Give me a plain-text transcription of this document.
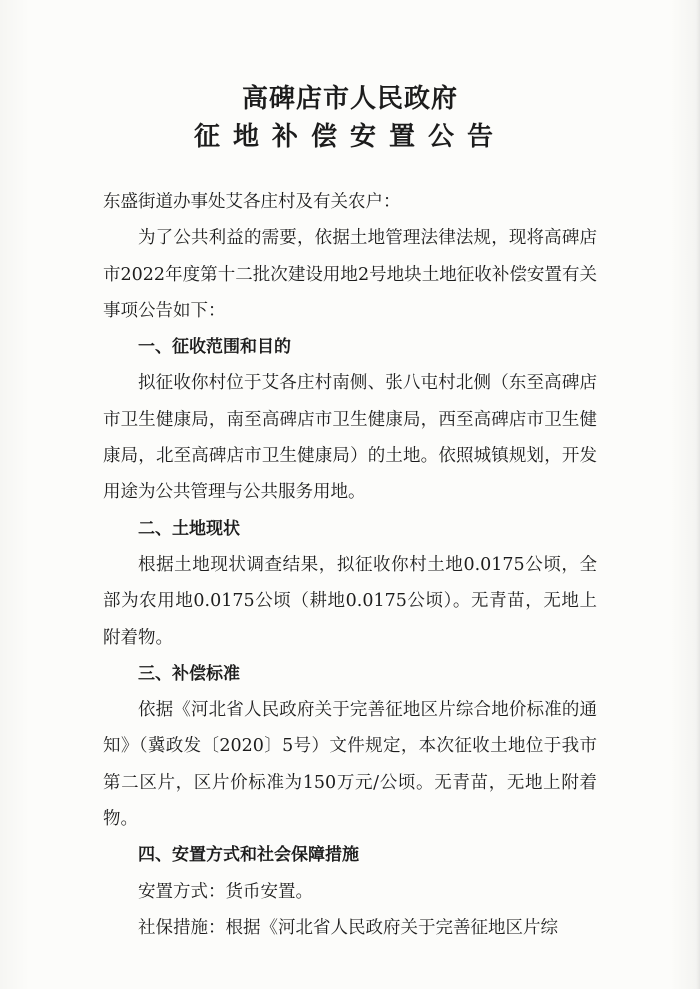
高碑店市人民政府
征地补偿安置公告

东盛街道办事处艾各庄村及有关农户：

为了公共利益的需要，依据土地管理法律法规，现将高碑店市2022年度第十二批次建设用地2号地块土地征收补偿安置有关事项公告如下：

一、征收范围和目的

拟征收你村位于艾各庄村南侧、张八屯村北侧（东至高碑店市卫生健康局，南至高碑店市卫生健康局，西至高碑店市卫生健康局，北至高碑店市卫生健康局）的土地。依照城镇规划，开发用途为公共管理与公共服务用地。

二、土地现状

根据土地现状调查结果，拟征收你村土地0.0175公顷，全部为农用地0.0175公顷（耕地0.0175公顷）。无青苗，无地上附着物。

三、补偿标准

依据《河北省人民政府关于完善征地区片综合地价标准的通知》（冀政发〔2020〕5号）文件规定，本次征收土地位于我市第二区片，区片价标准为150万元/公顷。无青苗，无地上附着物。

四、安置方式和社会保障措施

安置方式：货币安置。

社保措施：根据《河北省人民政府关于完善征地区片综
